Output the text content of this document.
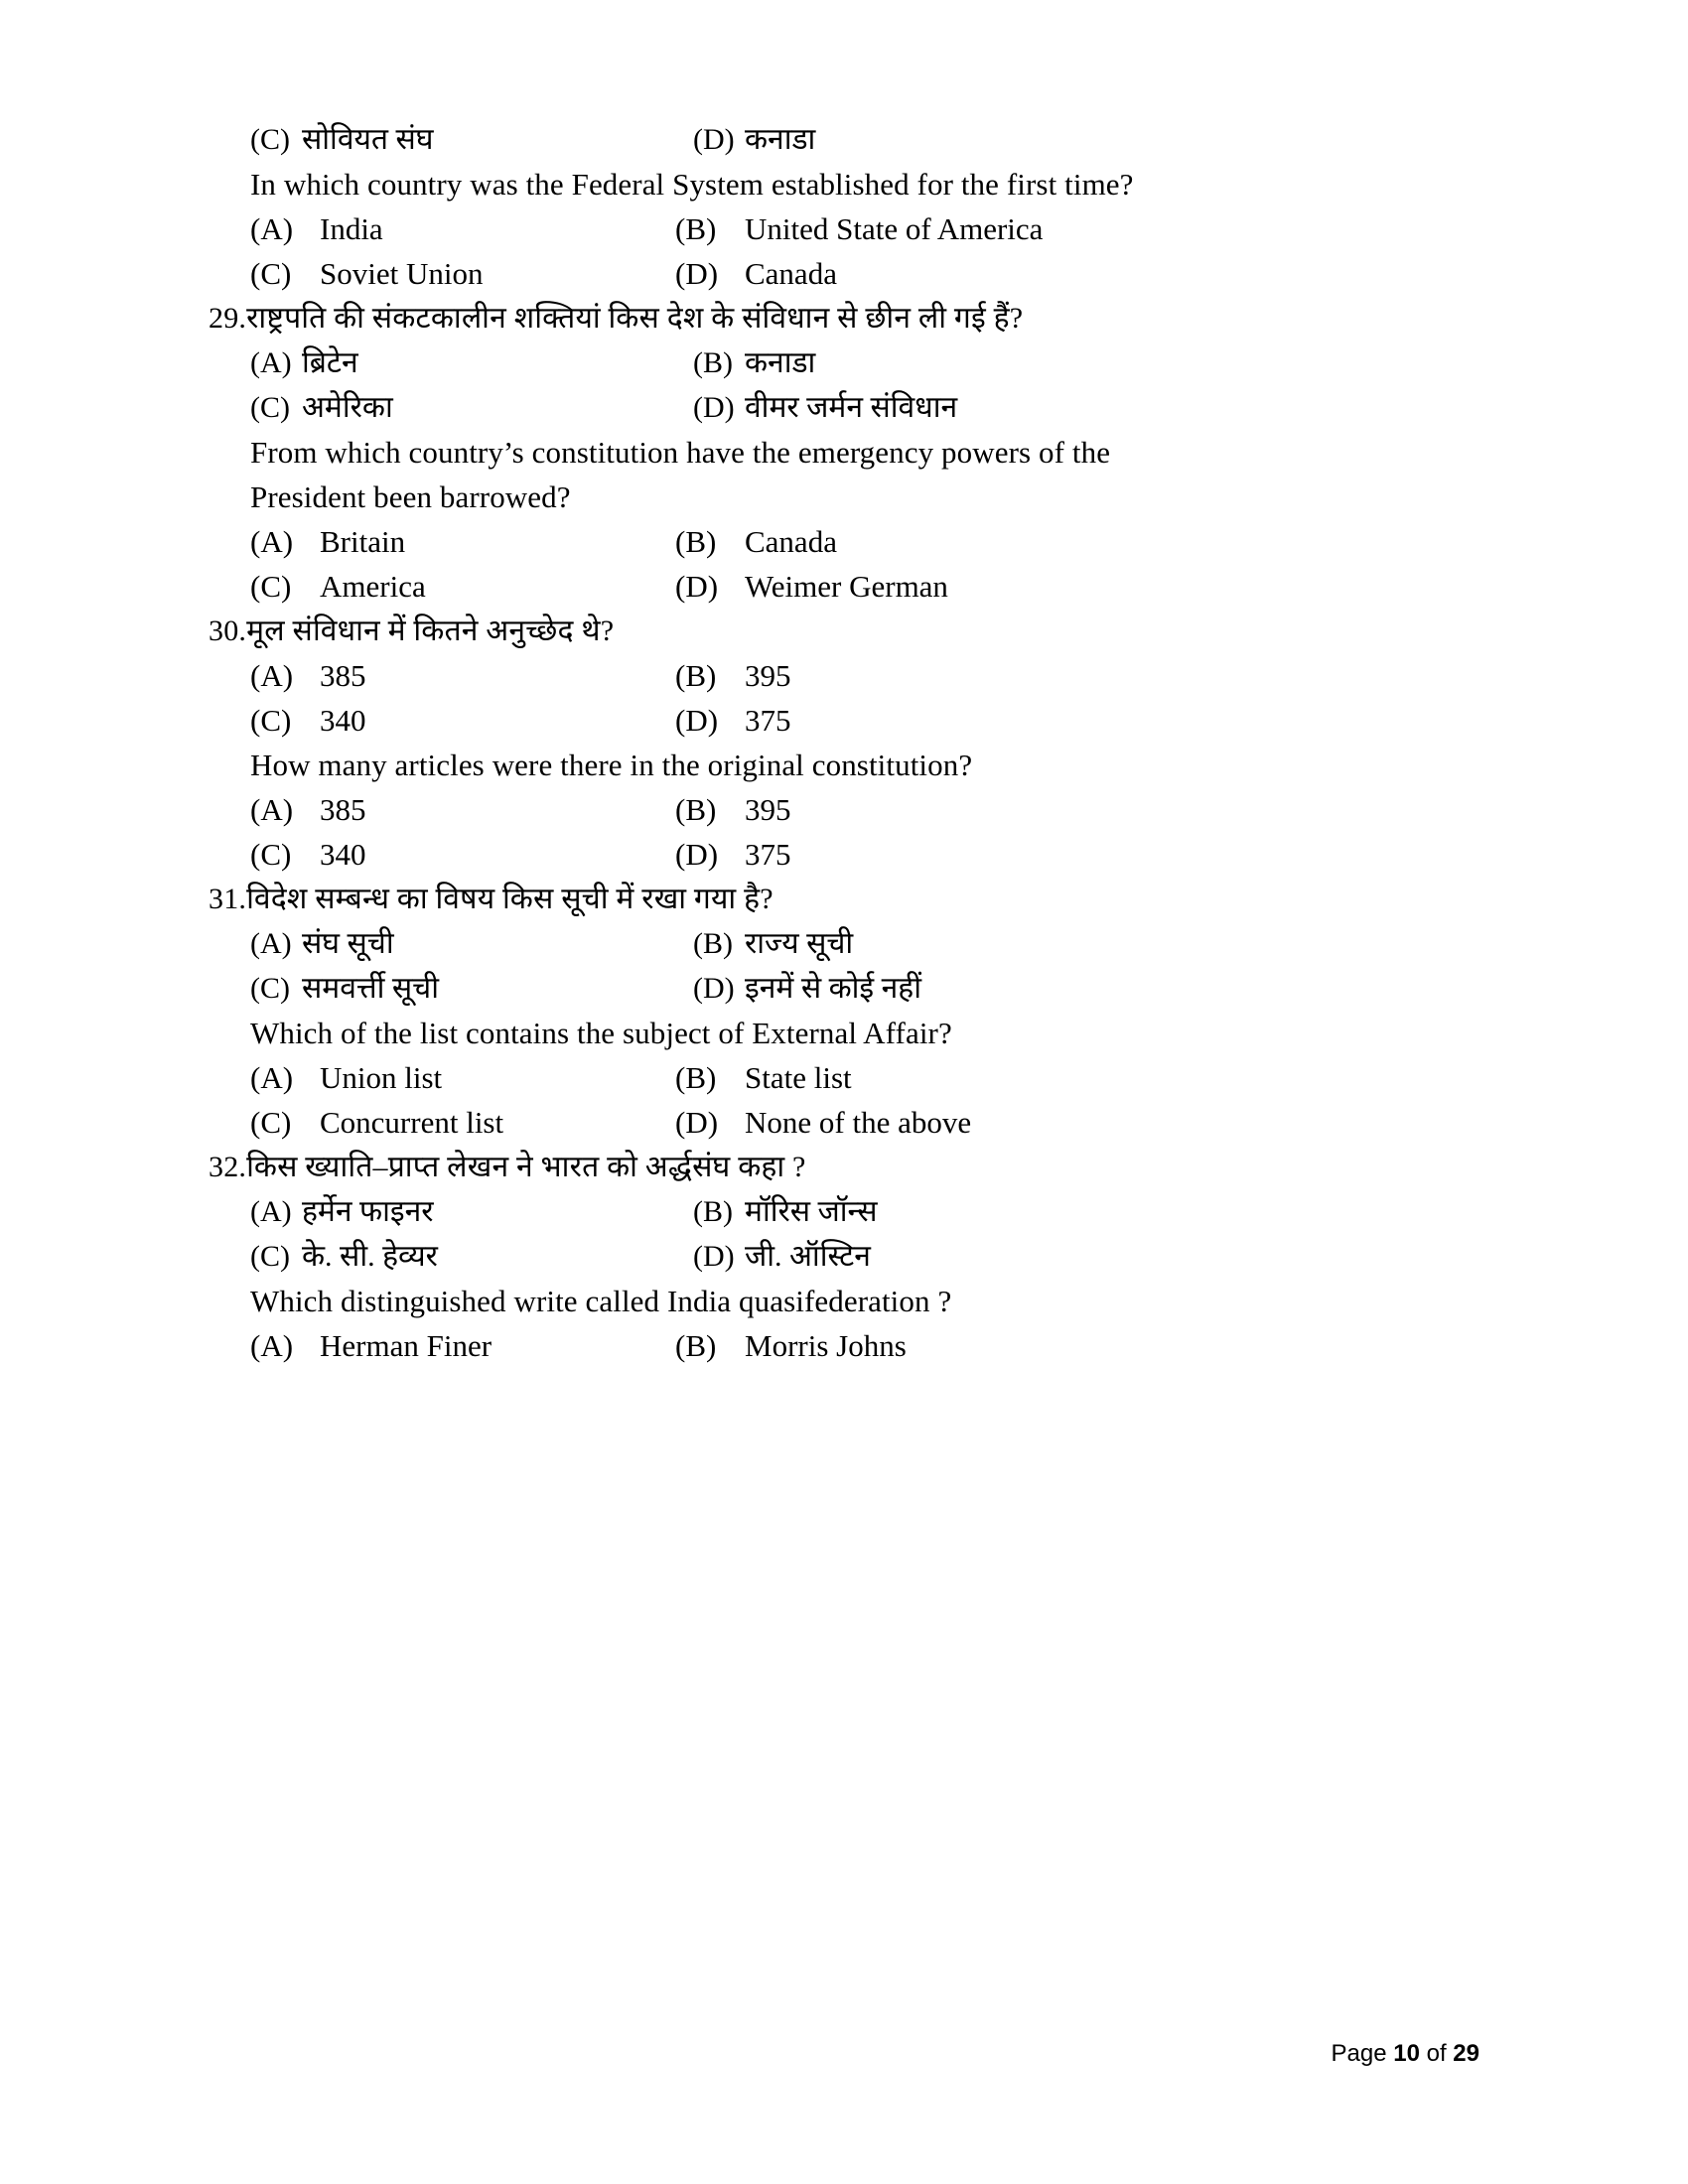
(C) सोवियत संघ	(D) कनाडा
In which country was the Federal System established for the first time?
(A) India	(B) United State of America
(C) Soviet Union	(D) Canada
29.राष्ट्रपति की संकटकालीन शक्तियां किस देश के संविधान से छीन ली गई हैं?
(A) ब्रिटेन	(B) कनाडा
(C) अमेरिका	(D) वीमर जर्मन संविधान
From which country’s constitution have the emergency powers of the
President been barrowed?
(A) Britain	(B) Canada
(C) America	(D) Weimer German
30.मूल संविधान में कितने अनुच्छेद थे?
(A) 385	(B) 395
(C) 340	(D) 375
How many articles were there in the original constitution?
(A) 385	(B) 395
(C) 340	(D) 375
31.विदेश सम्बन्ध का विषय किस सूची में रखा गया है?
(A) संघ सूची	(B) राज्य सूची
(C) समवर्त्ती सूची	(D) इनमें से कोई नहीं
Which of the list contains the subject of External Affair?
(A) Union list	(B) State list
(C) Concurrent list	(D) None of the above
32.किस ख्याति–प्राप्त लेखन ने भारत को अर्द्धसंघ कहा ?
(A) हर्मेन फाइनर	(B) मॉरिस जॉन्स
(C) के. सी. हेव्यर	(D) जी. ऑस्टिन
Which distinguished write called India quasifederation ?
(A) Herman Finer	(B) Morris Johns
Page 10 of 29
